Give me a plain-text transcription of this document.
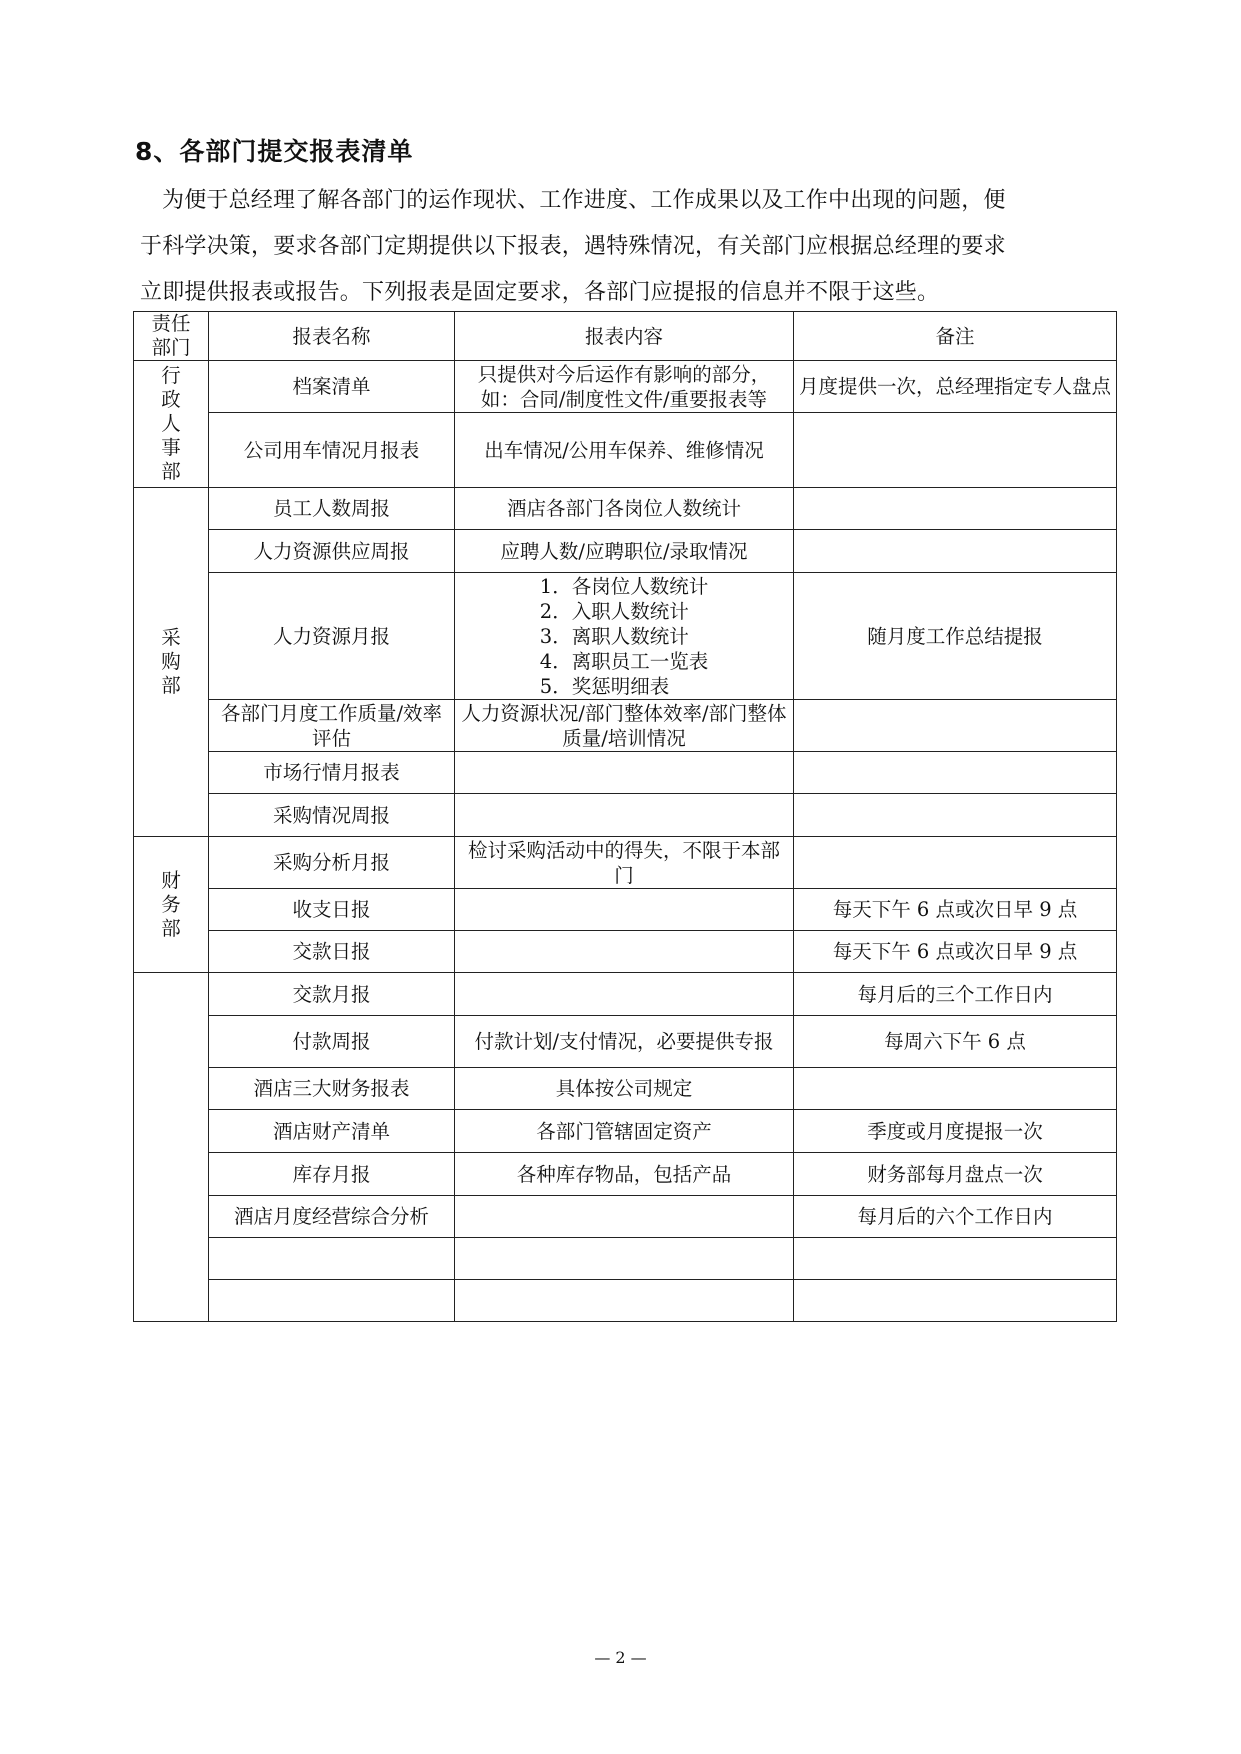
8、各部门提交报表清单
为便于总经理了解各部门的运作现状、工作进度、工作成果以及工作中出现的问题，便
于科学决策，要求各部门定期提供以下报表，遇特殊情况，有关部门应根据总经理的要求
立即提供报表或报告。下列报表是固定要求，各部门应提报的信息并不限于这些。
责任部门	报表名称	报表内容	备注
行政人事部	档案清单	只提供对今后运作有影响的部分，如：合同/制度性文件/重要报表等	月度提供一次，总经理指定专人盘点
	公司用车情况月报表	出车情况/公用车保养、维修情况	
采购部	员工人数周报	酒店各部门各岗位人数统计	
	人力资源供应周报	应聘人数/应聘职位/录取情况	
	人力资源月报	1．各岗位人数统计
2．入职人数统计
3．离职人数统计
4．离职员工一览表
5．奖惩明细表	随月度工作总结提报
	各部门月度工作质量/效率评估	人力资源状况/部门整体效率/部门整体质量/培训情况	
	市场行情月报表		
	采购情况周报		
财务部	采购分析月报	检讨采购活动中的得失，不限于本部门	
	收支日报		每天下午 6 点或次日早 9 点
	交款日报		每天下午 6 点或次日早 9 点
	交款月报		每月后的三个工作日内
	付款周报	付款计划/支付情况，必要提供专报	每周六下午 6 点
	酒店三大财务报表	具体按公司规定	
	酒店财产清单	各部门管辖固定资产	季度或月度提报一次
	库存月报	各种库存物品，包括产品	财务部每月盘点一次
	酒店月度经营综合分析		每月后的六个工作日内

— 2 —
